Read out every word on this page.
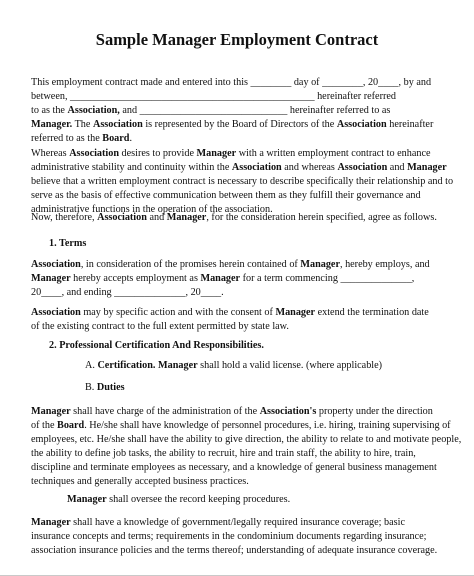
Sample Manager Employment Contract
This employment contract made and entered into this ________ day of ________, 20____, by and
between, ________________________________________________ hereinafter referred
to as the Association, and _____________________________ hereinafter referred to as
Manager. The Association is represented by the Board of Directors of the Association hereinafter
referred to as the Board.
Whereas Association desires to provide Manager with a written employment contract to enhance
administrative stability and continuity within the Association and whereas Association and Manager
believe that a written employment contract is necessary to describe specifically their relationship and to
serve as the basis of effective communication between them as they fulfill their governance and
administrative functions in the operation of the association.
Now, therefore, Association and Manager, for the consideration herein specified, agree as follows.
1. Terms
Association, in consideration of the promises herein contained of Manager, hereby employs, and
Manager hereby accepts employment as Manager for a term commencing ______________,
20____, and ending ______________, 20____.
Association may by specific action and with the consent of Manager extend the termination date
of the existing contract to the full extent permitted by state law.
2. Professional Certification And Responsibilities.
A. Certification. Manager shall hold a valid license. (where applicable)
B. Duties
Manager shall have charge of the administration of the Association's property under the direction
of the Board. He/she shall have knowledge of personnel procedures, i.e. hiring, training supervising of
employees, etc. He/she shall have the ability to give direction, the ability to relate to and motivate people,
the ability to define job tasks, the ability to recruit, hire and train staff, the ability to hire, train,
discipline and terminate employees as necessary, and a knowledge of general business management
techniques and generally accepted business practices.
Manager shall oversee the record keeping procedures.
Manager shall have a knowledge of government/legally required insurance coverage; basic
insurance concepts and terms; requirements in the condominium documents regarding insurance;
association insurance policies and the terms thereof; understanding of adequate insurance coverage.
